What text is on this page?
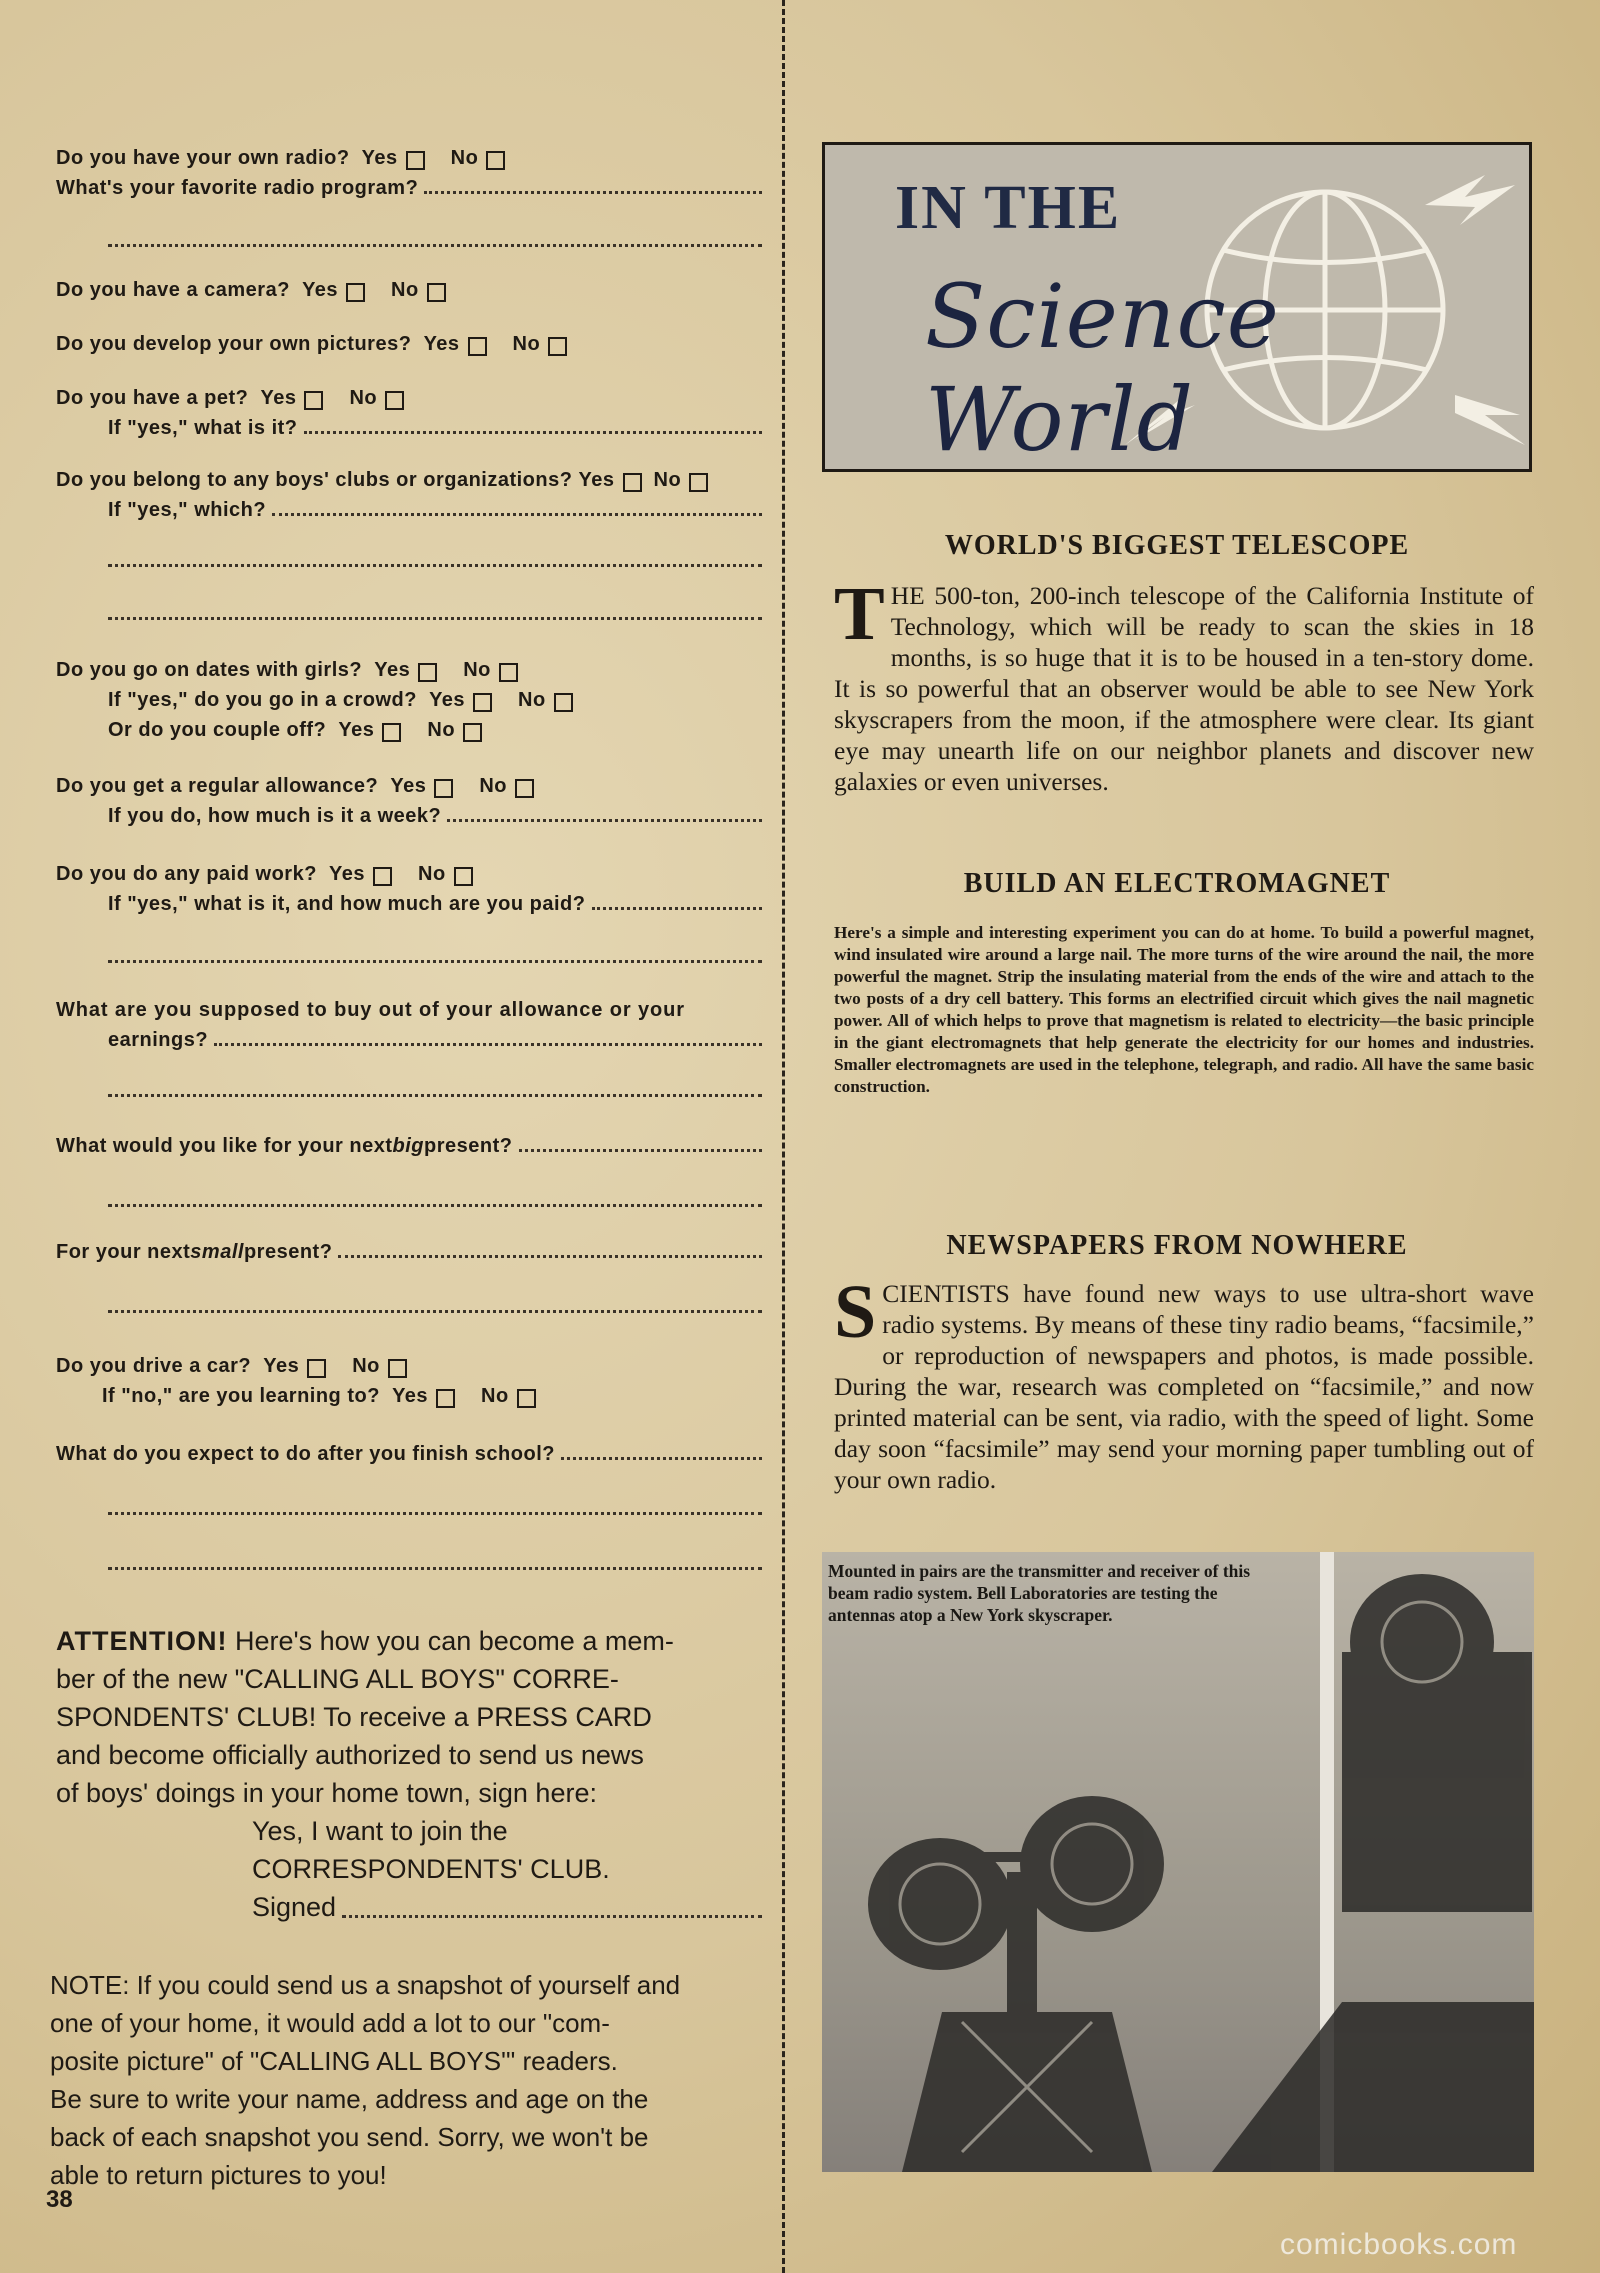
Do you have your own radio?
Yes	No
What's your favorite radio program?
Do you have a camera?
Yes	No
Do you develop your own pictures?
Yes	No
Do you have a pet?
Yes	No
If "yes," what is it?
Do you belong to any boys' clubs or organizations?
Yes No
If "yes," which?
Do you go on dates with girls?
Yes	No
If "yes," do you go in a crowd?
Yes	No
Or do you couple off?
Yes	No
Do you get a regular allowance?
Yes	No
If you do, how much is it a week?
Do you do any paid work?
Yes	No
If "yes," what is it, and how much are you paid?
What are you supposed to buy out of your allowance or your
earnings?
What would you like for your next big present?
For your next small present?
Do you drive a car?
Yes	No
If "no," are you learning to?
Yes	No
What do you expect to do after you finish school?
ATTENTION! Here's how you can become a mem-
ber of the new "CALLING ALL BOYS" CORRE-
SPONDENTS' CLUB! To receive a PRESS CARD
and become officially authorized to send us news
of boys' doings in your home town, sign here:
Yes, I want to join the
CORRESPONDENTS' CLUB.
Signed
NOTE: If you could send us a snapshot of yourself and
one of your home, it would add a lot to our "com-
posite picture" of "CALLING ALL BOYS'" readers.
Be sure to write your name, address and age on the
back of each snapshot you send. Sorry, we won't be
able to return pictures to you!
38
IN THE
Science World
WORLD'S BIGGEST TELESCOPE
THE 500-ton, 200-inch telescope of the California Institute of Technology, which will be ready to scan the skies in 18 months, is so huge that it is to be housed in a ten-story dome. It is so powerful that an observer would be able to see New York skyscrapers from the moon, if the atmosphere were clear. Its giant eye may unearth life on our neighbor planets and discover new galaxies or even universes.
BUILD AN ELECTROMAGNET
Here's a simple and interesting experiment you can do at home. To build a powerful magnet, wind insulated wire around a large nail. The more turns of the wire around the nail, the more powerful the magnet. Strip the insulating material from the ends of the wire and attach to the two posts of a dry cell battery. This forms an electrified circuit which gives the nail magnetic power. All of which helps to prove that magnetism is related to electricity—the basic principle in the giant electromagnets that help generate the electricity for our homes and industries. Smaller electromagnets are used in the telephone, telegraph, and radio. All have the same basic construction.
NEWSPAPERS FROM NOWHERE
SCIENTISTS have found new ways to use ultra-short wave radio systems. By means of these tiny radio beams, “facsimile,” or reproduction of newspapers and photos, is made possible. During the war, research was completed on “facsimile,” and now printed material can be sent, via radio, with the speed of light. Some day soon “facsimile” may send your morning paper tumbling out of your own radio.
Mounted in pairs are the transmitter and receiver of this beam radio system. Bell Laboratories are testing the antennas atop a New York skyscraper.
comicbooks.com
